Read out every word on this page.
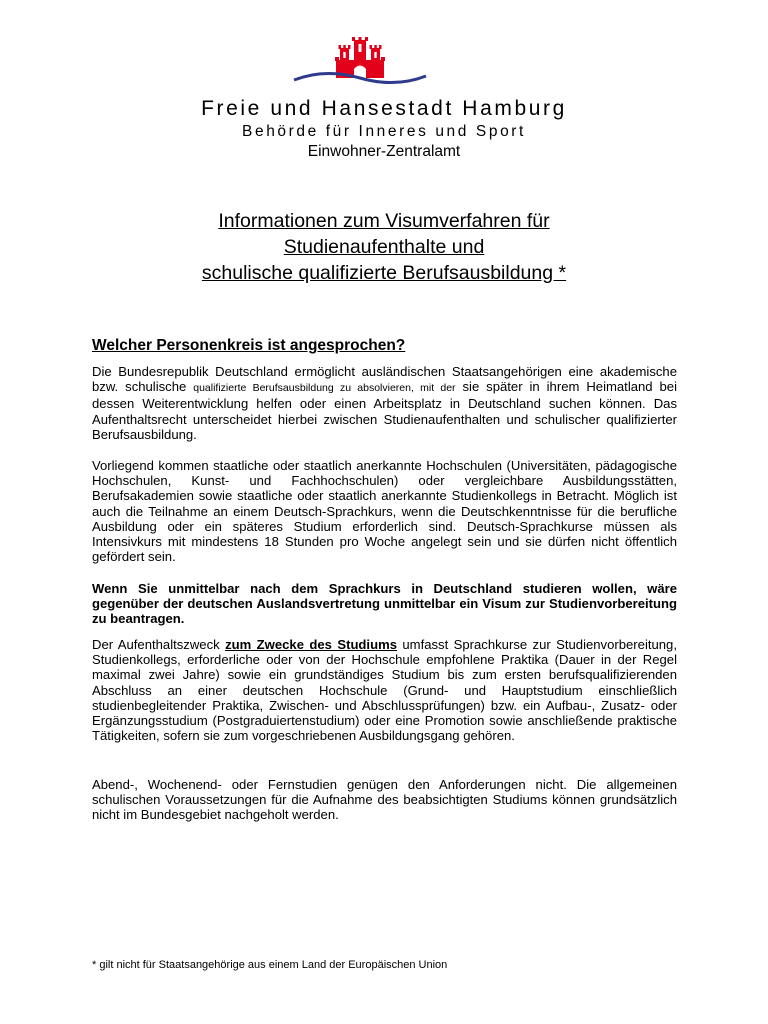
Freie und Hansestadt Hamburg
Behörde für Inneres und Sport
Einwohner-Zentralamt
Informationen zum Visumverfahren für
Studienaufenthalte und
schulische qualifizierte Berufsausbildung *
Welcher Personenkreis ist angesprochen?

Die Bundesrepublik Deutschland ermöglicht ausländischen Staatsangehörigen eine akademische bzw. schulische qualifizierte Berufsausbildung zu absolvieren, mit der sie später in ihrem Heimatland bei dessen Weiterentwicklung helfen oder einen Arbeitsplatz in Deutschland suchen können. Das Aufenthaltsrecht unterscheidet hierbei zwischen Studienaufenthalten und schulischer qualifizierter Berufsausbildung.

Vorliegend kommen staatliche oder staatlich anerkannte Hochschulen (Universitäten, pädagogische Hochschulen, Kunst- und Fachhochschulen) oder vergleichbare Ausbildungsstätten, Berufsakademien sowie staatliche oder staatlich anerkannte Studienkollegs in Betracht. Möglich ist auch die Teilnahme an einem Deutsch-Sprachkurs, wenn die Deutschkenntnisse für die berufliche Ausbildung oder ein späteres Studium erforderlich sind. Deutsch-Sprachkurse müssen als Intensivkurs mit mindestens 18 Stunden pro Woche angelegt sein und sie dürfen nicht öffentlich gefördert sein.

Wenn Sie unmittelbar nach dem Sprachkurs in Deutschland studieren wollen, wäre gegenüber der deutschen Auslandsvertretung unmittelbar ein Visum zur Studienvorbereitung zu beantragen.

Der Aufenthaltszweck zum Zwecke des Studiums umfasst Sprachkurse zur Studienvorbereitung, Studienkollegs, erforderliche oder von der Hochschule empfohlene Praktika (Dauer in der Regel maximal zwei Jahre) sowie ein grundständiges Studium bis zum ersten berufsqualifizierenden Abschluss an einer deutschen Hochschule (Grund- und Hauptstudium einschließlich studienbegleitender Praktika, Zwischen- und Abschlussprüfungen) bzw. ein Aufbau-, Zusatz- oder Ergänzungsstudium (Postgraduiertenstudium) oder eine Promotion sowie anschließende praktische Tätigkeiten, sofern sie zum vorgeschriebenen Ausbildungsgang gehören.

Abend-, Wochenend- oder Fernstudien genügen den Anforderungen nicht. Die allgemeinen schulischen Voraussetzungen für die Aufnahme des beabsichtigten Studiums können grundsätzlich nicht im Bundesgebiet nachgeholt werden.

* gilt nicht für Staatsangehörige aus einem Land der Europäischen Union
